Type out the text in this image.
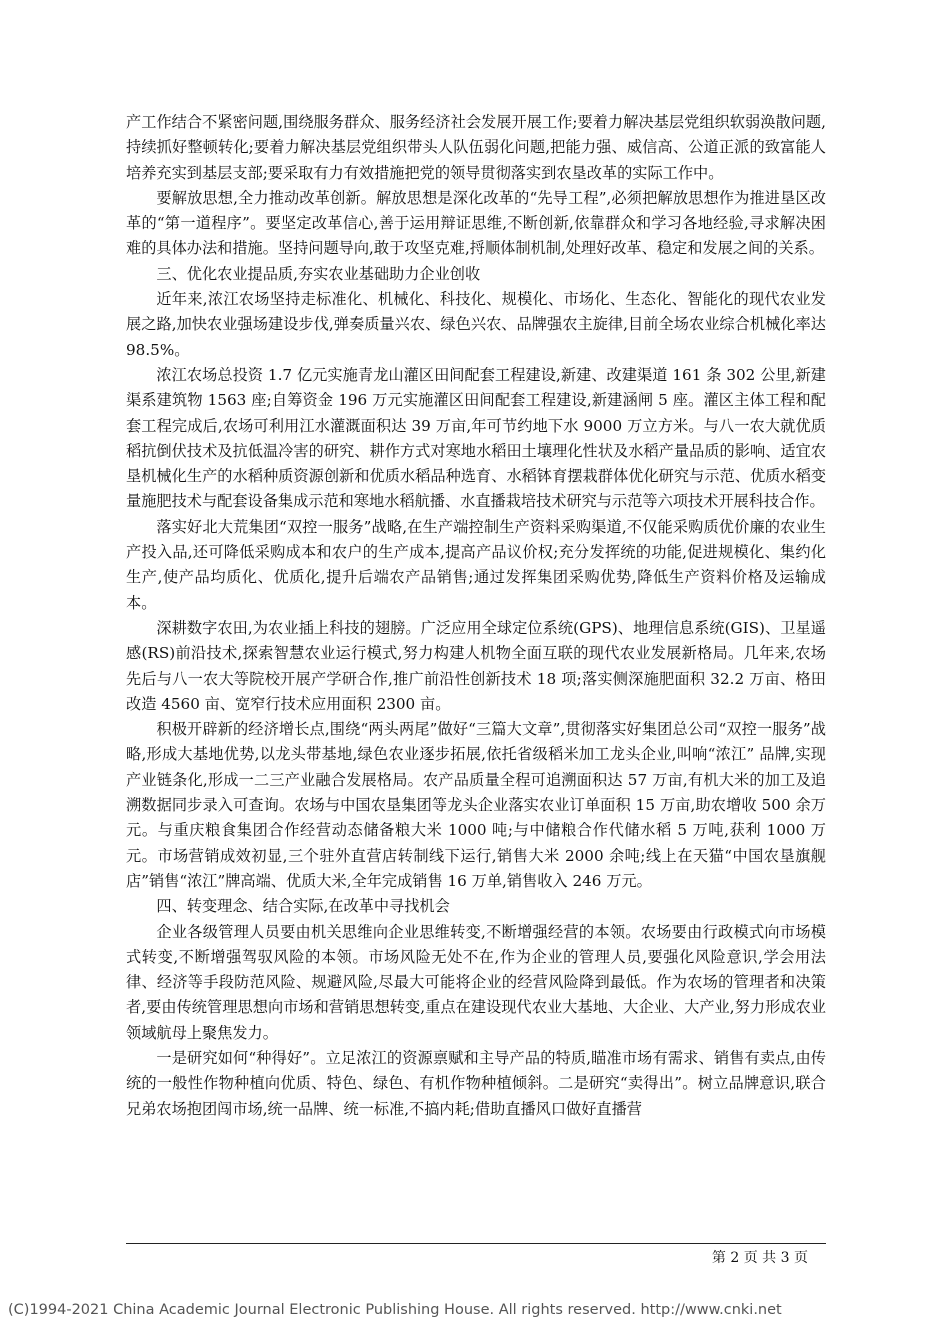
产工作结合不紧密问题,围绕服务群众、服务经济社会发展开展工作;要着力解决基层党组织软弱涣散问题,持续抓好整顿转化;要着力解决基层党组织带头人队伍弱化问题,把能力强、威信高、公道正派的致富能人培养充实到基层支部;要采取有力有效措施把党的领导贯彻落实到农垦改革的实际工作中。

要解放思想,全力推动改革创新。解放思想是深化改革的“先导工程”,必须把解放思想作为推进垦区改革的“第一道程序”。要坚定改革信心,善于运用辩证思维,不断创新,依靠群众和学习各地经验,寻求解决困难的具体办法和措施。坚持问题导向,敢于攻坚克难,捋顺体制机制,处理好改革、稳定和发展之间的关系。

三、优化农业提品质,夯实农业基础助力企业创收

近年来,浓江农场坚持走标准化、机械化、科技化、规模化、市场化、生态化、智能化的现代农业发展之路,加快农业强场建设步伐,弹奏质量兴农、绿色兴农、品牌强农主旋律,目前全场农业综合机械化率达 98.5%。

浓江农场总投资 1.7 亿元实施青龙山灌区田间配套工程建设,新建、改建渠道 161 条 302 公里,新建渠系建筑物 1563 座;自筹资金 196 万元实施灌区田间配套工程建设,新建涵闸 5 座。灌区主体工程和配套工程完成后,农场可利用江水灌溉面积达 39 万亩,年可节约地下水 9000 万立方米。与八一农大就优质稻抗倒伏技术及抗低温冷害的研究、耕作方式对寒地水稻田土壤理化性状及水稻产量品质的影响、适宜农垦机械化生产的水稻种质资源创新和优质水稻品种选育、水稻钵育摆栽群体优化研究与示范、优质水稻变量施肥技术与配套设备集成示范和寒地水稻航播、水直播栽培技术研究与示范等六项技术开展科技合作。

落实好北大荒集团“双控一服务”战略,在生产端控制生产资料采购渠道,不仅能采购质优价廉的农业生产投入品,还可降低采购成本和农户的生产成本,提高产品议价权;充分发挥统的功能,促进规模化、集约化生产,使产品均质化、优质化,提升后端农产品销售;通过发挥集团采购优势,降低生产资料价格及运输成本。

深耕数字农田,为农业插上科技的翅膀。广泛应用全球定位系统(GPS)、地理信息系统(GIS)、卫星遥感(RS)前沿技术,探索智慧农业运行模式,努力构建人机物全面互联的现代农业发展新格局。几年来,农场先后与八一农大等院校开展产学研合作,推广前沿性创新技术 18 项;落实侧深施肥面积 32.2 万亩、格田改造 4560 亩、宽窄行技术应用面积 2300 亩。

积极开辟新的经济增长点,围绕“两头两尾”做好“三篇大文章”,贯彻落实好集团总公司“双控一服务”战略,形成大基地优势,以龙头带基地,绿色农业逐步拓展,依托省级稻米加工龙头企业,叫响“浓江” 品牌,实现产业链条化,形成一二三产业融合发展格局。农产品质量全程可追溯面积达 57 万亩,有机大米的加工及追溯数据同步录入可查询。农场与中国农垦集团等龙头企业落实农业订单面积 15 万亩,助农增收 500 余万元。与重庆粮食集团合作经营动态储备粮大米 1000 吨;与中储粮合作代储水稻 5 万吨,获利 1000 万元。市场营销成效初显,三个驻外直营店转制线下运行,销售大米 2000 余吨;线上在天猫“中国农垦旗舰店”销售“浓江”牌高端、优质大米,全年完成销售 16 万单,销售收入 246 万元。

四、转变理念、结合实际,在改革中寻找机会

企业各级管理人员要由机关思维向企业思维转变,不断增强经营的本领。农场要由行政模式向市场模式转变,不断增强驾驭风险的本领。市场风险无处不在,作为企业的管理人员,要强化风险意识,学会用法律、经济等手段防范风险、规避风险,尽最大可能将企业的经营风险降到最低。作为农场的管理者和决策者,要由传统管理思想向市场和营销思想转变,重点在建设现代农业大基地、大企业、大产业,努力形成农业领域航母上聚焦发力。

一是研究如何“种得好”。立足浓江的资源禀赋和主导产品的特质,瞄准市场有需求、销售有卖点,由传统的一般性作物种植向优质、特色、绿色、有机作物种植倾斜。二是研究“卖得出”。树立品牌意识,联合兄弟农场抱团闯市场,统一品牌、统一标准,不搞内耗;借助直播风口做好直播营

第 2 页 共 3 页
(C)1994-2021 China Academic Journal Electronic Publishing House. All rights reserved. http://www.cnki.net
